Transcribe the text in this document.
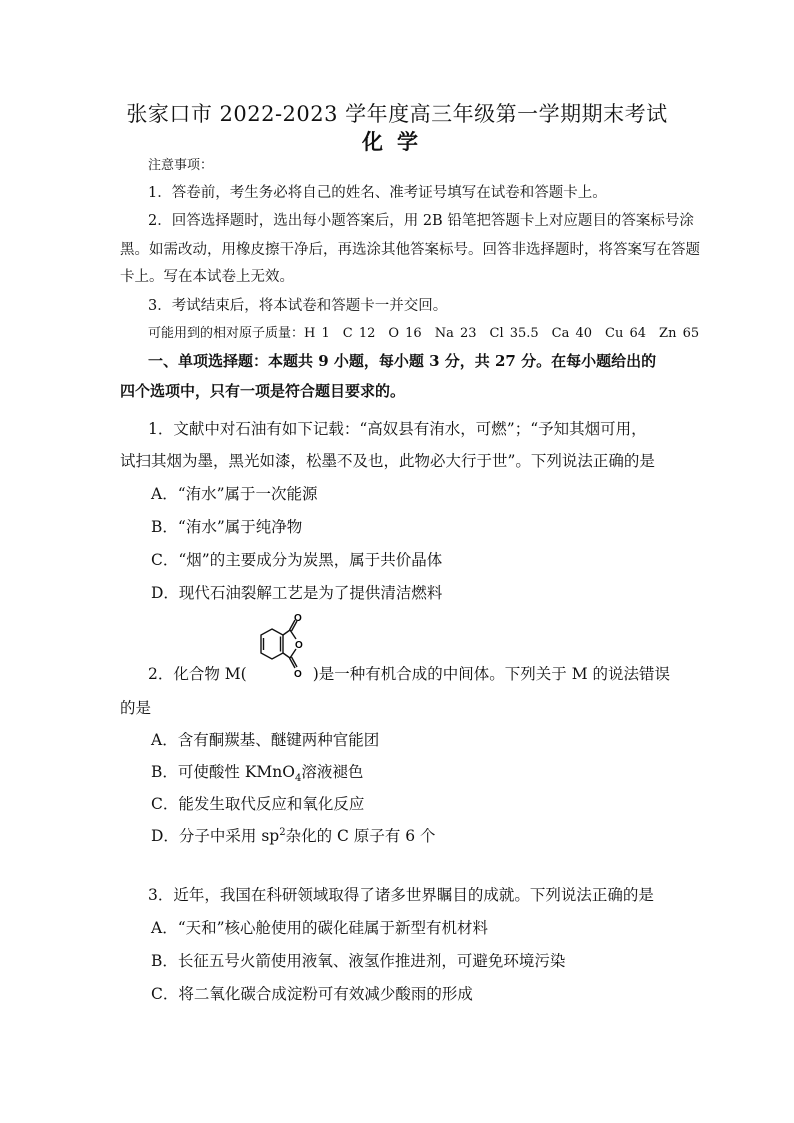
张家口市 2022-2023 学年度高三年级第一学期期末考试
化学
注意事项：
1．答卷前，考生务必将自己的姓名、准考证号填写在试卷和答题卡上。
2．回答选择题时，选出每小题答案后，用 2B 铅笔把答题卡上对应题目的答案标号涂
黑。如需改动，用橡皮擦干净后，再选涂其他答案标号。回答非选择题时，将答案写在答题
卡上。写在本试卷上无效。
3．考试结束后，将本试卷和答题卡一并交回。
可能用到的相对原子质量：H 1　C 12　O 16　Na 23　Cl 35.5　Ca 40　Cu 64　Zn 65
一、单项选择题：本题共 9 小题，每小题 3 分，共 27 分。在每小题给出的
四个选项中，只有一项是符合题目要求的。
1．文献中对石油有如下记载：“高奴县有洧水，可燃”；“予知其烟可用，
试扫其烟为墨，黑光如漆，松墨不及也，此物必大行于世”。下列说法正确的是
A．“洧水”属于一次能源
B．“洧水”属于纯净物
C．“烟”的主要成分为炭黑，属于共价晶体
D．现代石油裂解工艺是为了提供清洁燃料
O
O
O
2．化合物 M(	)是一种有机合成的中间体。下列关于 M 的说法错误
的是
A．含有酮羰基、醚键两种官能团
B．可使酸性 KMnO$_4$溶液褪色
C．能发生取代反应和氧化反应
D．分子中采用 $sp^2$杂化的 C 原子有 6 个
3．近年，我国在科研领域取得了诸多世界瞩目的成就。下列说法正确的是
A．“天和”核心舱使用的碳化硅属于新型有机材料
B．长征五号火箭使用液氧、液氢作推进剂，可避免环境污染
C．将二氧化碳合成淀粉可有效减少酸雨的形成
